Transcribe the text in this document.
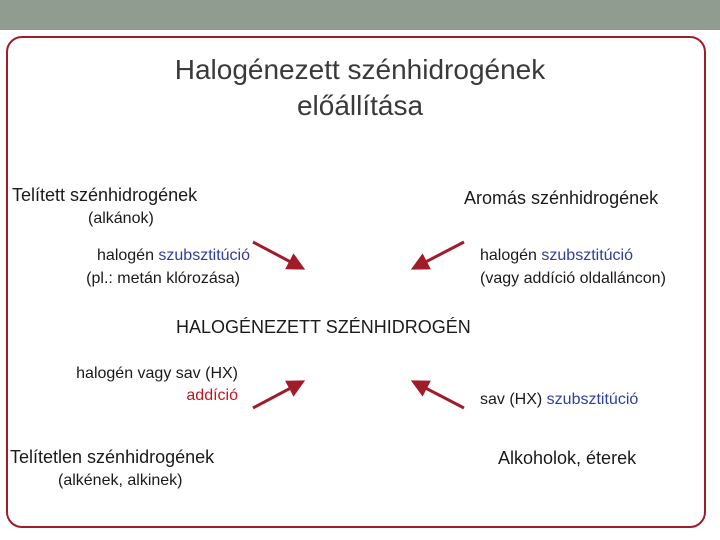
Halogénezett szénhidrogének
előállítása
Telített szénhidrogének
(alkánok)
halogén szubsztitúció
(pl.: metán klórozása)
Aromás szénhidrogének
halogén szubsztitúció
(vagy addíció oldalláncon)
HALOGÉNEZETT SZÉNHIDROGÉN
halogén vagy sav (HX)
addíció
Telítetlen szénhidrogének
(alkének, alkinek)
sav (HX) szubsztitúció
Alkoholok, éterek
